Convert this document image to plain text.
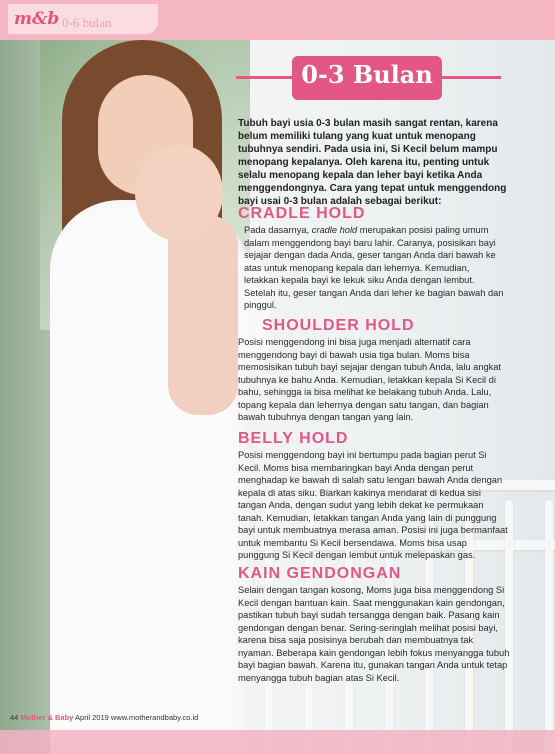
m&b 0-6 bulan
0-3 Bulan
Tubuh bayi usia 0-3 bulan masih sangat rentan, karena belum memiliki tulang yang kuat untuk menopang tubuhnya sendiri. Pada usia ini, Si Kecil belum mampu menopang kepalanya. Oleh karena itu, penting untuk selalu menopang kepala dan leher bayi ketika Anda menggendongnya. Cara yang tepat untuk menggendong bayi usai 0-3 bulan adalah sebagai berikut:
CRADLE HOLD
Pada dasarnya, cradle hold merupakan posisi paling umum dalam menggendong bayi baru lahir. Caranya, posisikan bayi sejajar dengan dada Anda, geser tangan Anda dari bawah ke atas untuk menopang kepala dan lehernya. Kemudian, letakkan kepala bayi ke lekuk siku Anda dengan lembut. Setelah itu, geser tangan Anda dari leher ke bagian bawah dan pinggul.
SHOULDER HOLD
Posisi menggendong ini bisa juga menjadi alternatif cara menggendong bayi di bawah usia tiga bulan. Moms bisa memosisikan tubuh bayi sejajar dengan tubuh Anda, lalu angkat tubuhnya ke bahu Anda. Kemudian, letakkan kepala Si Kecil di bahu, sehingga ia bisa melihat ke belakang tubuh Anda. Lalu, topang kepala dan lehernya dengan satu tangan, dan bagian bawah tubuhnya dengan tangan yang lain.
BELLY HOLD
Posisi menggendong bayi ini bertumpu pada bagian perut Si Kecil. Moms bisa membaringkan bayi Anda dengan perut menghadap ke bawah di salah satu lengan bawah Anda dengan kepala di atas siku. Biarkan kakinya mendarat di kedua sisi tangan Anda, dengan sudut yang lebih dekat ke permukaan tanah. Kemudian, letakkan tangan Anda yang lain di punggung bayi untuk membuatnya merasa aman. Posisi ini juga bermanfaat untuk membantu Si Kecil bersendawa. Moms bisa usap punggung Si Kecil dengan lembut untuk melepaskan gas.
KAIN GENDONGAN
Selain dengan tangan kosong, Moms juga bisa menggendong Si Kecil dengan bantuan kain. Saat menggunakan kain gendongan, pastikan tubuh bayi sudah tersangga dengan baik. Pasang kain gendongan dengan benar. Sering-seringlah melihat posisi bayi, karena bisa saja posisinya berubah dan membuatnya tak nyaman. Beberapa kain gendongan lebih fokus menyangga tubuh bayi bagian bawah. Karena itu, gunakan tangan Anda untuk tetap menyangga tubuh bagian atas Si Kecil.
44 Mother & Baby April 2019 www.motherandbaby.co.id
